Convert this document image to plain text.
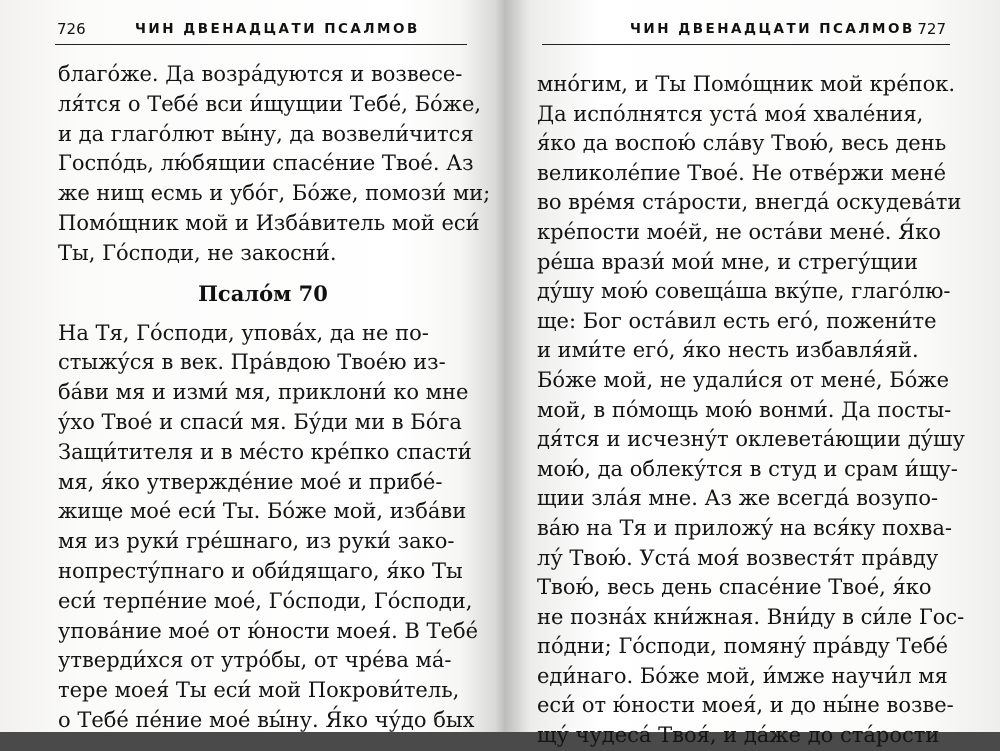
726	ЧИН ДВЕНАДЦАТИ ПСАЛМОВ
благо́же. Да возра́дуются и возвесе-
ля́тся о Тебе́ вси и́щущии Тебе́, Бо́же,
и да глаго́лют вы́ну, да возвели́чится
Госпо́дь, лю́бящии спасе́ние Твое́. Аз
же нищ есмь и убо́г, Бо́же, помози́ ми;
Помо́щник мой и Изба́витель мой еси́
Ты, Го́споди, не закосни́.
Псало́м 70
На Тя, Го́споди, упова́х, да не по-
стыжу́ся в век. Пра́вдою Твое́ю из-
ба́ви мя и изми́ мя, приклони́ ко мне
у́хо Твое́ и спаси́ мя. Бу́ди ми в Бо́га
Защи́тителя и в ме́сто кре́пко спасти́
мя, я́ко утвержде́ние мое́ и прибе́-
жище мое́ еси́ Ты. Бо́же мой, изба́ви
мя из руки́ гре́шнаго, из руки́ зако-
нопресту́пнаго и оби́дящаго, я́ко Ты
еси́ терпе́ние мое́, Го́споди, Го́споди,
упова́ние мое́ от ю́ности моея́. В Тебе́
утверди́хся от утро́бы, от чре́ва ма́-
тере моея́ Ты еси́ мой Покрови́тель,
о Тебе́ пе́ние мое́ вы́ну. Я́ко чу́до бых
ЧИН ДВЕНАДЦАТИ ПСАЛМОВ 727
мно́гим, и Ты Помо́щник мой кре́пок.
Да испо́лнятся уста́ моя́ хвале́ния,
я́ко да воспою́ сла́ву Твою́, весь день
великоле́пие Твое́. Не отве́ржи мене́
во вре́мя ста́рости, внегда́ оскудева́ти
кре́пости мое́й, не оста́ви мене́. Я́ко
ре́ша врази́ мои́ мне, и стрегу́щии
ду́шу мою́ совеща́ша вку́пе, глаго́лю-
ще: Бог оста́вил есть его́, пожени́те
и ими́те его́, я́ко несть избавля́яй.
Бо́же мой, не удали́ся от мене́, Бо́же
мой, в по́мощь мою́ вонми́. Да посты-
дя́тся и исчезну́т оклевета́ющии ду́шу
мою́, да облеку́тся в студ и срам и́щу-
щии зла́я мне. Аз же всегда́ возупо-
ва́ю на Тя и приложу́ на вся́ку похва-
лу́ Твою́. Уста́ моя́ возвестя́т пра́вду
Твою́, весь день спасе́ние Твое́, я́ко
не позна́х кни́жная. Вни́ду в си́ле Гос-
по́дни; Го́споди, помяну́ пра́вду Тебе́
еди́наго. Бо́же мой, и́мже научи́л мя
еси́ от ю́ности моея́, и до ны́не возве-
щу́ чудеса́ Твоя́, и да́же до ста́рости
